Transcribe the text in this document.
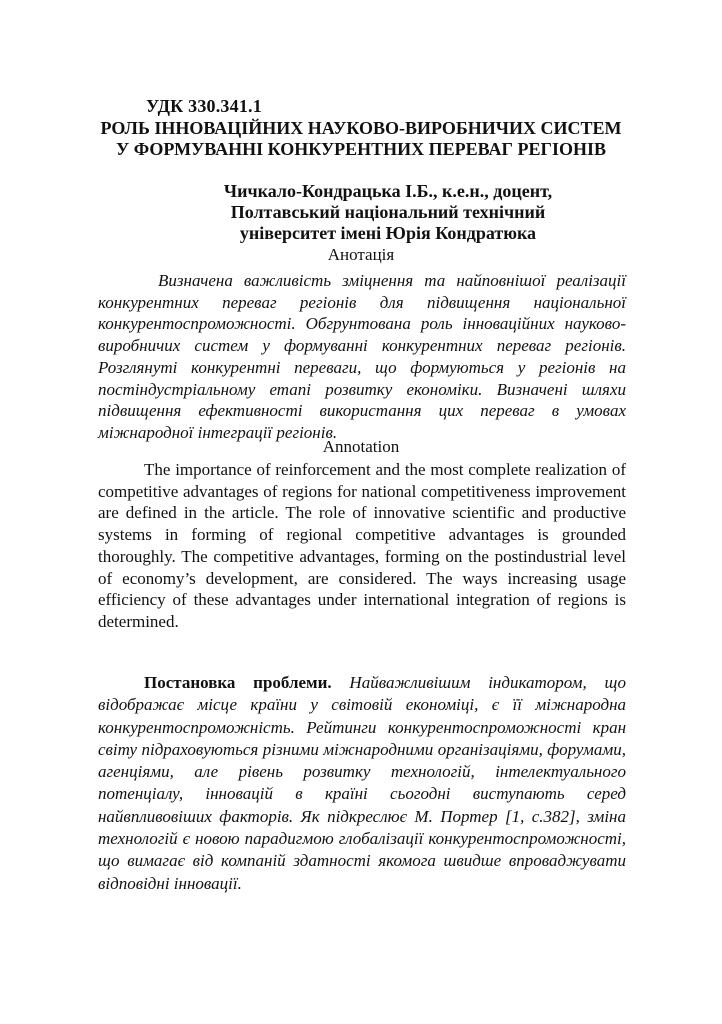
УДК 330.341.1
РОЛЬ ІННОВАЦІЙНИХ НАУКОВО-ВИРОБНИЧИХ СИСТЕМ У ФОРМУВАННІ КОНКУРЕНТНИХ ПЕРЕВАГ РЕГІОНІВ
Чичкало-Кондрацька І.Б., к.е.н., доцент,
Полтавський національний технічний
університет імені Юрія Кондратюка
Анотація

Визначена важливість зміцнення та найповнішої реалізації конкурентних переваг регіонів для підвищення національної конкурентоспроможності. Обгрунтована роль інноваційних науково-виробничих систем у формуванні конкурентних переваг регіонів. Розглянуті конкурентні переваги, що формуються у регіонів на постіндустріальному етапі розвитку економіки. Визначені шляхи підвищення ефективності використання цих переваг в умовах міжнародної інтеграції регіонів.

Annotation

The importance of reinforcement and the most complete realization of competitive advantages of regions for national competitiveness improvement are defined in the article. The role of innovative scientific and productive systems in forming of regional competitive advantages is grounded thoroughly. The competitive advantages, forming on the postindustrial level of economy’s development, are considered. The ways increasing usage efficiency of these advantages under international integration of regions is determined.

Постановка проблеми. Найважливішим індикатором, що відображає місце країни у світовій економіці, є її міжнародна конкурентоспроможність. Рейтинги конкурентоспроможності кран світу підраховуються різними міжнародними організаціями, форумами, агенціями, але рівень розвитку технологій, інтелектуального потенціалу, інновацій в країні сьогодні виступають серед найвпливовіших факторів. Як підкреслює М. Портер [1, с.382], зміна технологій є новою парадигмою глобалізації конкурентоспроможності, що вимагає від компаній здатності якомога швидше впроваджувати відповідні інновації.
